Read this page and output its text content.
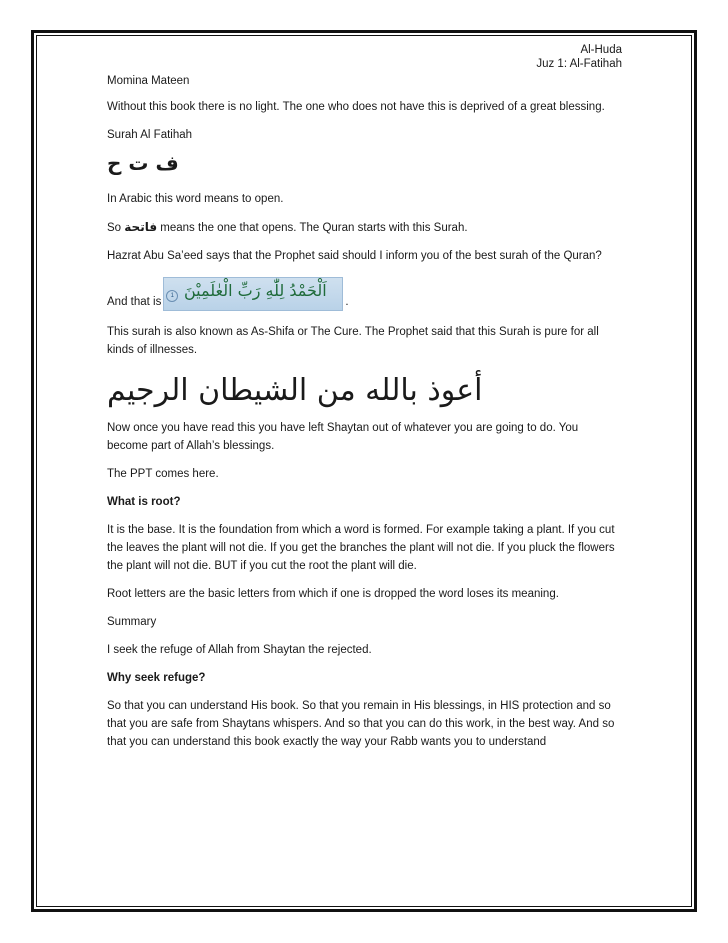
Al-Huda
Juz 1: Al-Fatihah

Momina Mateen

Without this book there is no light. The one who does not have this is deprived of a great blessing.

Surah Al Fatihah

ف ت ح

In Arabic this word means to open.

So فاتحة means the one that opens. The Quran starts with this Surah.

Hazrat Abu Sa’eed says that the Prophet said should I inform you of the best surah of the Quran?

And that is	1 اَلْحَمْدُ لِلّٰهِ رَبِّ الْعٰلَمِيْنَ
.

This surah is also known as As-Shifa or The Cure. The Prophet said that this Surah is pure for all kinds of illnesses.

أعوذ بالله من الشيطان الرجيم

Now once you have read this you have left Shaytan out of whatever you are going to do. You become part of Allah’s blessings.

The PPT comes here.

What is root?

It is the base. It is the foundation from which a word is formed. For example taking a plant. If you cut the leaves the plant will not die. If you get the branches the plant will not die. If you pluck the flowers the plant will not die. BUT if you cut the root the plant will die.

Root letters are the basic letters from which if one is dropped the word loses its meaning.

Summary

I seek the refuge of Allah from Shaytan the rejected.

Why seek refuge?

So that you can understand His book. So that you remain in His blessings, in HIS protection and so that you are safe from Shaytans whispers. And so that you can do this work, in the best way. And so that you can understand this book exactly the way your Rabb wants you to understand
